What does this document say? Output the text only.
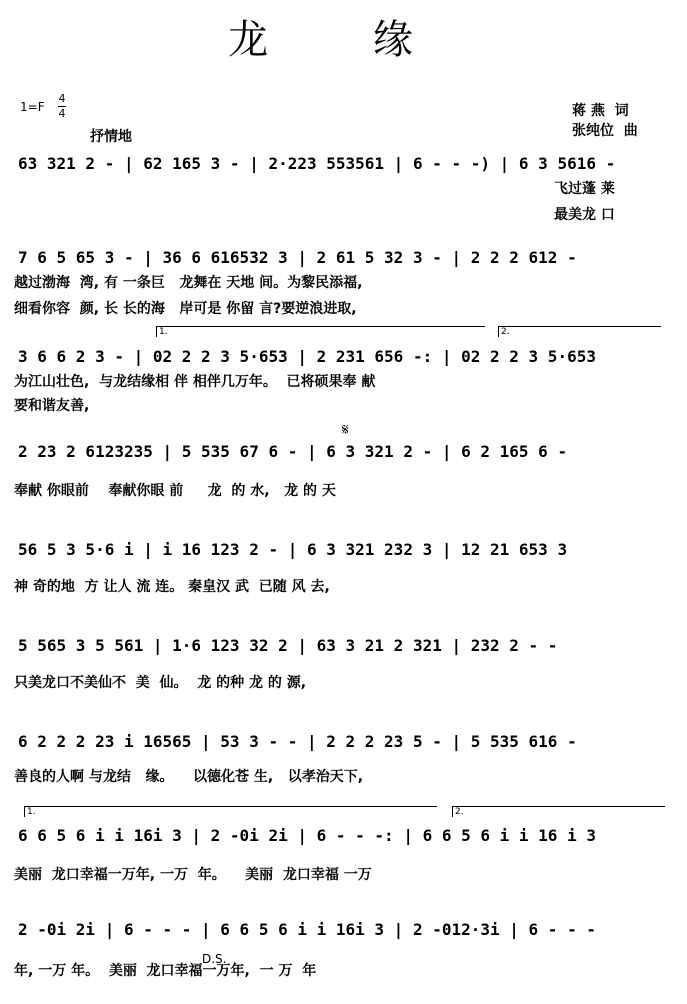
龙 缘
1=F
4
4
抒情地
蒋 燕  词
张纯位  曲
63 321 2 - | 62 165 3 - | 2·223 553561 | 6 - - -) | 6 3 5616 -
飞过蓬 莱
最美龙 口
7 6 5 65 3 - | 36 6 616532 3 | 2 61 5 32 3 - | 2 2 2 612 -
越过渤海  湾, 有 一条巨   龙舞在 天地 间。为黎民添福,
细看你容  颜, 长 长的海   岸可是 你留 言?要逆浪进取,
1.	2.
3 6 6 2 3 - | 02 2 2 3 5·653 | 2 231 656 -: | 02 2 2 3 5·653
为江山壮色,  与龙结缘相 伴 相伴几万年。  已将硕果奉 献
要和谐友善,
𝄋
2 23 2 6123235 | 5 535 67 6 - | 6 3 321 2 - | 6 2 165 6 -
奉献 你眼前    奉献你眼 前     龙  的 水,   龙 的 天
56 5 3 5·6 i | i 16 123 2 - | 6 3 321 232 3 | 12 21 653 3
神 奇的地  方 让人 流 连。 秦皇汉 武  已随 风 去,
5 565 3 5 561 | 1·6 123 32 2 | 63 3 21 2 321 | 232 2 - -
只美龙口不美仙不  美  仙。  龙 的种 龙 的 源,
6 2 2 2 23 i 16565 | 53 3 - - | 2 2 2 23 5 - | 5 535 616 -
善良的人啊 与龙结   缘。    以德化苍 生,   以孝治天下,
1.	2.
6 6 5 6 i i 16i 3 | 2 -0i 2i | 6 - - -: | 6 6 5 6 i i 16 i 3
美丽  龙口幸福一万年, 一万  年。    美丽  龙口幸福 一万
D.S.
2 -0i 2i | 6 - - - | 6 6 5 6 i i 16i 3 | 2 -012·3i | 6 - - -
年, 一万 年。  美丽  龙口幸福一万年,  一 万  年
